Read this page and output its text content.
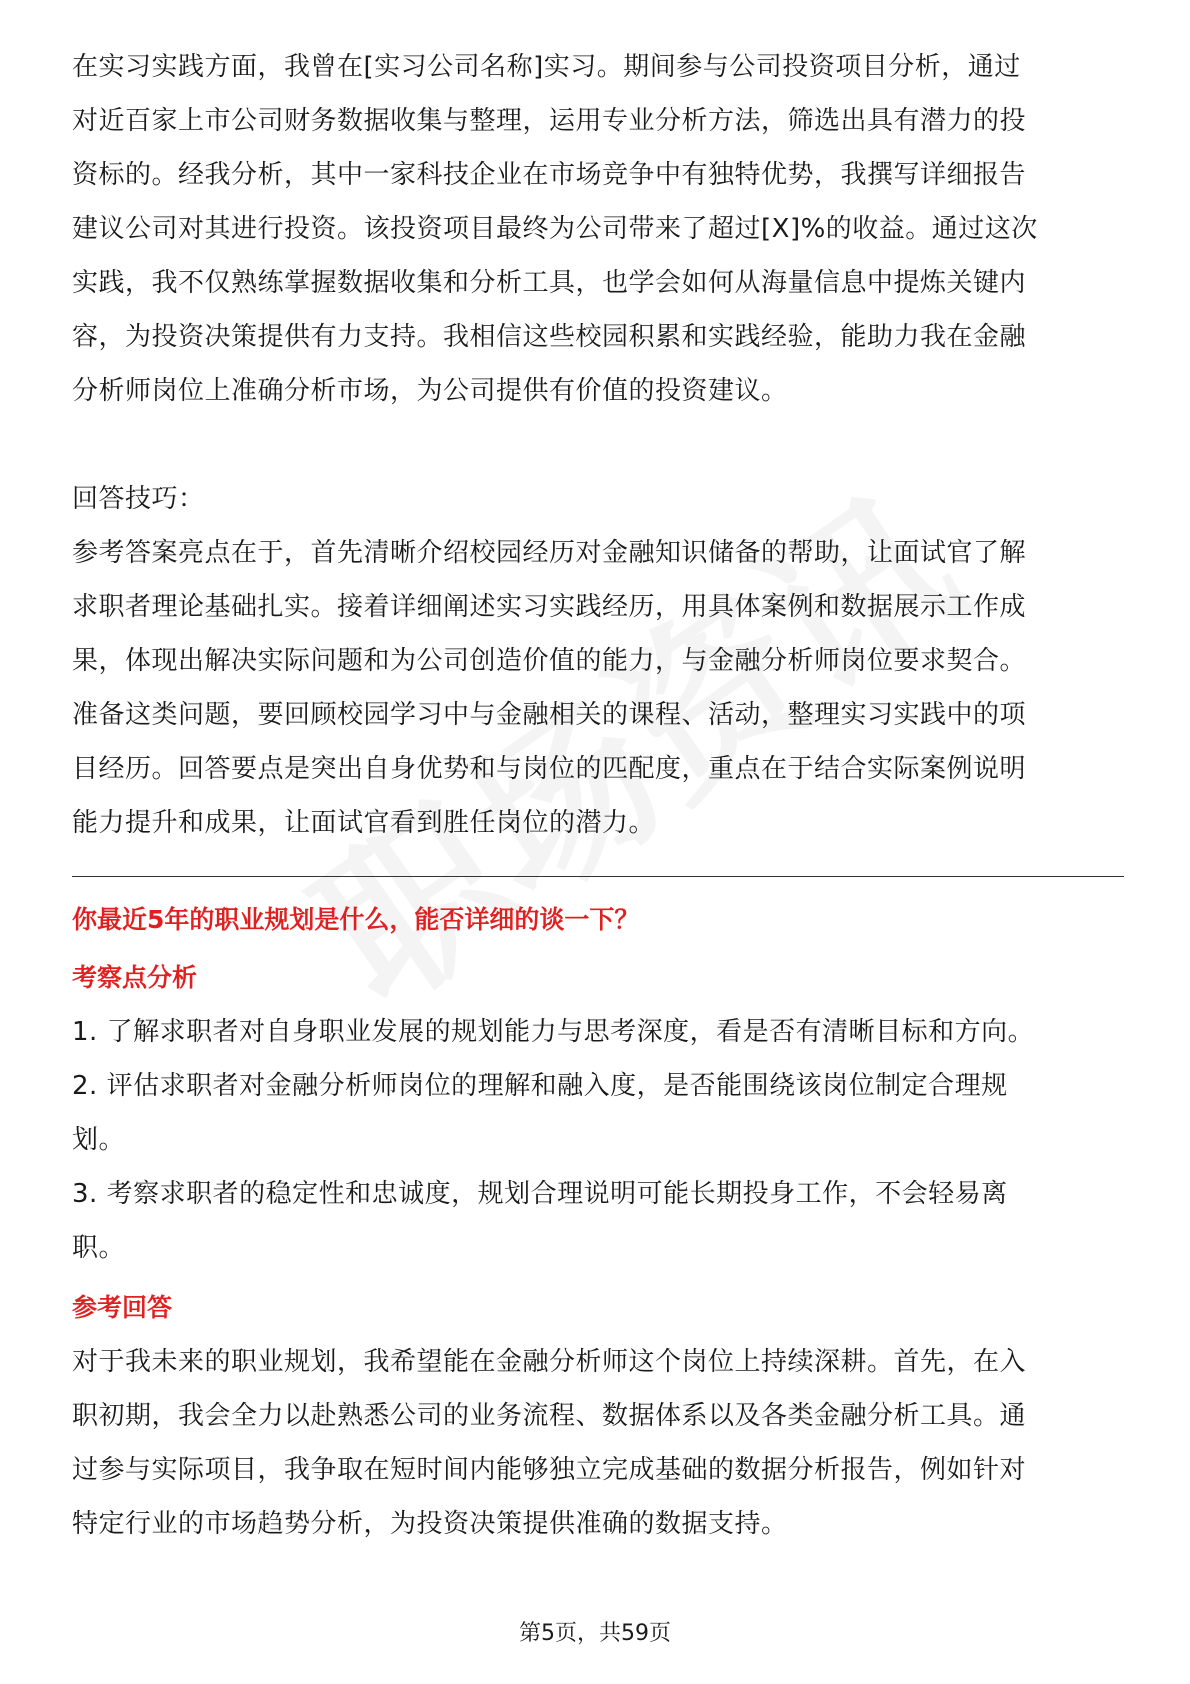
在实习实践方面，我曾在[实习公司名称]实习。期间参与公司投资项目分析，通过

对近百家上市公司财务数据收集与整理，运用专业分析方法，筛选出具有潜力的投

资标的。经我分析，其中一家科技企业在市场竞争中有独特优势，我撰写详细报告

建议公司对其进行投资。该投资项目最终为公司带来了超过[X]%的收益。通过这次

实践，我不仅熟练掌握数据收集和分析工具，也学会如何从海量信息中提炼关键内

容，为投资决策提供有力支持。我相信这些校园积累和实践经验，能助力我在金融

分析师岗位上准确分析市场，为公司提供有价值的投资建议。

回答技巧：

参考答案亮点在于，首先清晰介绍校园经历对金融知识储备的帮助，让面试官了解

求职者理论基础扎实。接着详细阐述实习实践经历，用具体案例和数据展示工作成

果，体现出解决实际问题和为公司创造价值的能力，与金融分析师岗位要求契合。

准备这类问题，要回顾校园学习中与金融相关的课程、活动，整理实习实践中的项

目经历。回答要点是突出自身优势和与岗位的匹配度，重点在于结合实际案例说明

能力提升和成果，让面试官看到胜任岗位的潜力。

你最近5年的职业规划是什么，能否详细的谈一下？
考察点分析

1. 了解求职者对自身职业发展的规划能力与思考深度，看是否有清晰目标和方向。

2. 评估求职者对金融分析师岗位的理解和融入度，是否能围绕该岗位制定合理规

划。

3. 考察求职者的稳定性和忠诚度，规划合理说明可能长期投身工作，不会轻易离

职。

参考回答

对于我未来的职业规划，我希望能在金融分析师这个岗位上持续深耕。首先，在入

职初期，我会全力以赴熟悉公司的业务流程、数据体系以及各类金融分析工具。通

过参与实际项目，我争取在短时间内能够独立完成基础的数据分析报告，例如针对

特定行业的市场趋势分析，为投资决策提供准确的数据支持。

第5页，共59页
